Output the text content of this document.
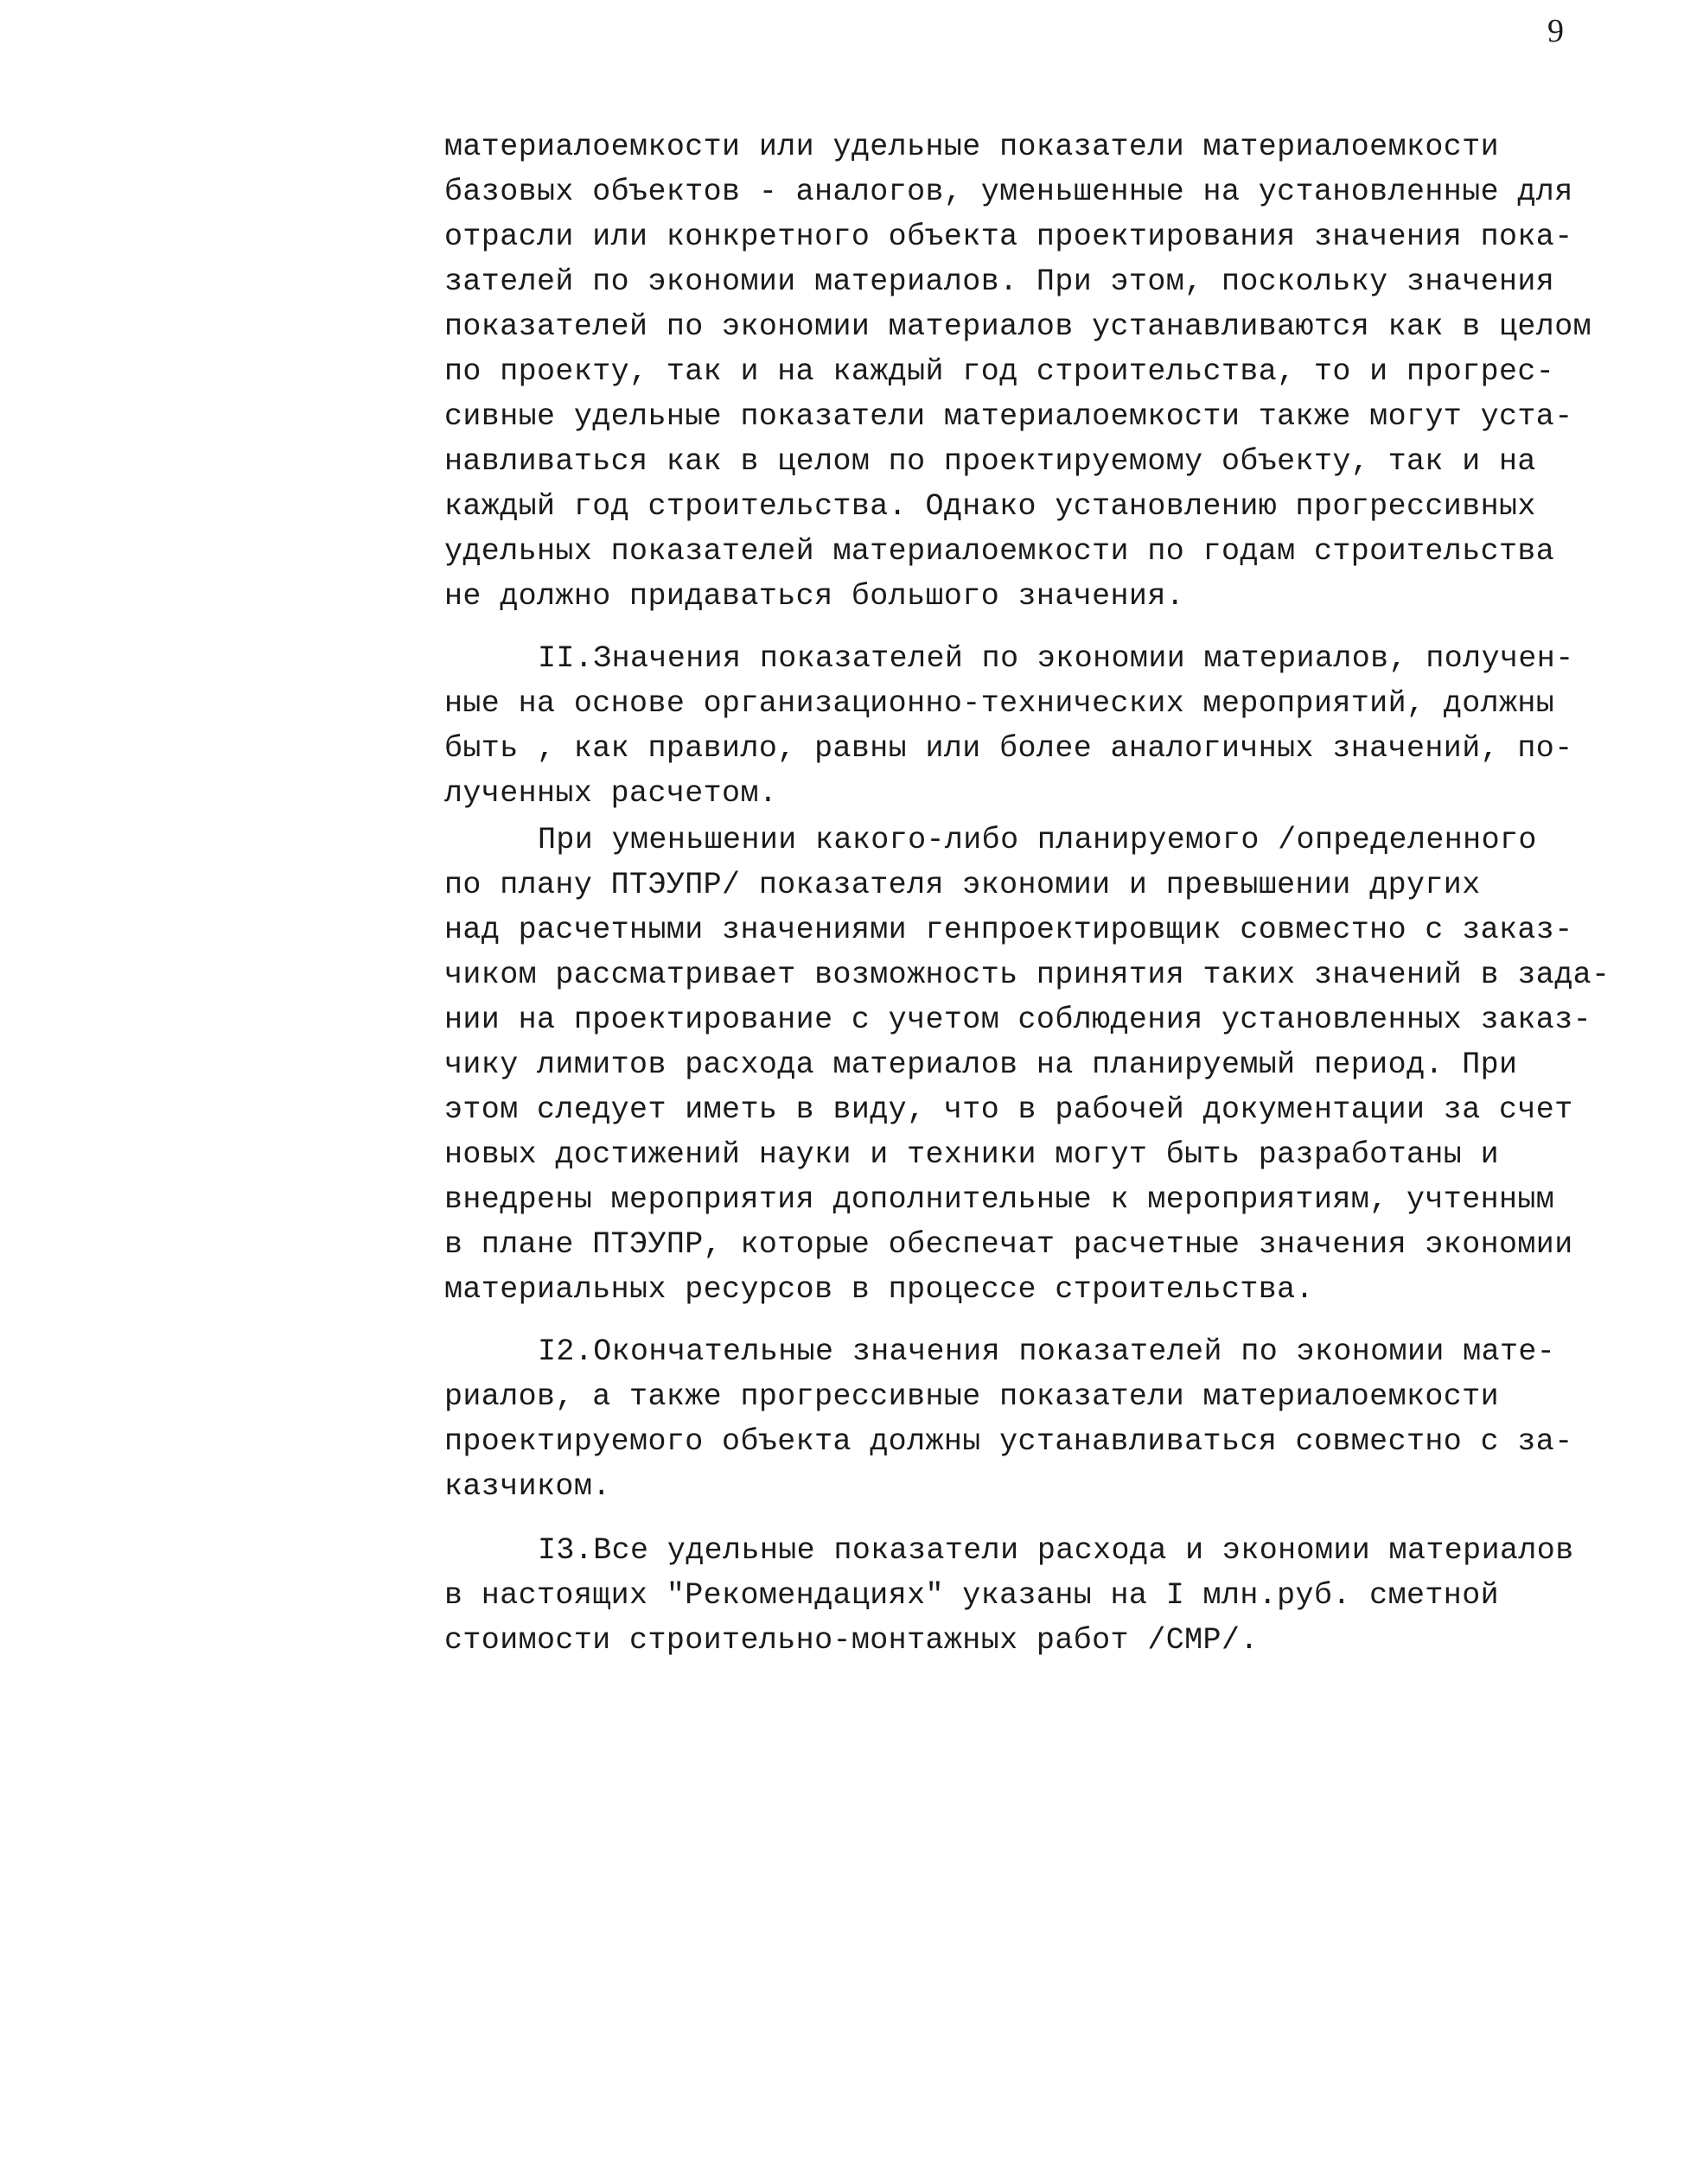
9
материалоемкости или удельные показатели материалоемкости
базовых объектов - аналогов, уменьшенные на установленные для
отрасли или конкретного объекта проектирования значения пока-
зателей по экономии материалов. При этом, поскольку значения
показателей по экономии материалов устанавливаются как в целом
по проекту, так и на каждый год строительства, то и прогрес-
сивные удельные показатели материалоемкости также могут уста-
навливаться как в целом по проектируемому объекту, так и на
каждый год строительства. Однако установлению прогрессивных
удельных показателей материалоемкости по годам строительства
не должно придаваться большого значения.
II.Значения показателей по экономии материалов, получен-
ные на основе организационно-технических мероприятий, должны
быть , как правило, равны или более аналогичных значений, по-
лученных расчетом.
При уменьшении какого-либо планируемого /определенного
по плану ПТЭУПР/ показателя экономии и превышении других
над расчетными значениями генпроектировщик совместно с заказ-
чиком рассматривает возможность принятия таких значений в зада-
нии на проектирование с учетом соблюдения установленных заказ-
чику лимитов расхода материалов на планируемый период. При
этом следует иметь в виду, что в рабочей документации за счет
новых достижений науки и техники могут быть разработаны и
внедрены мероприятия дополнительные к мероприятиям, учтенным
в плане ПТЭУПР, которые обеспечат расчетные значения экономии
материальных ресурсов в процессе строительства.
I2.Окончательные значения показателей по экономии мате-
риалов, а также прогрессивные показатели материалоемкости
проектируемого объекта должны устанавливаться совместно с за-
казчиком.
I3.Все удельные показатели расхода и экономии материалов
в настоящих "Рекомендациях" указаны на I млн.руб. сметной
стоимости строительно-монтажных работ /СМР/.
